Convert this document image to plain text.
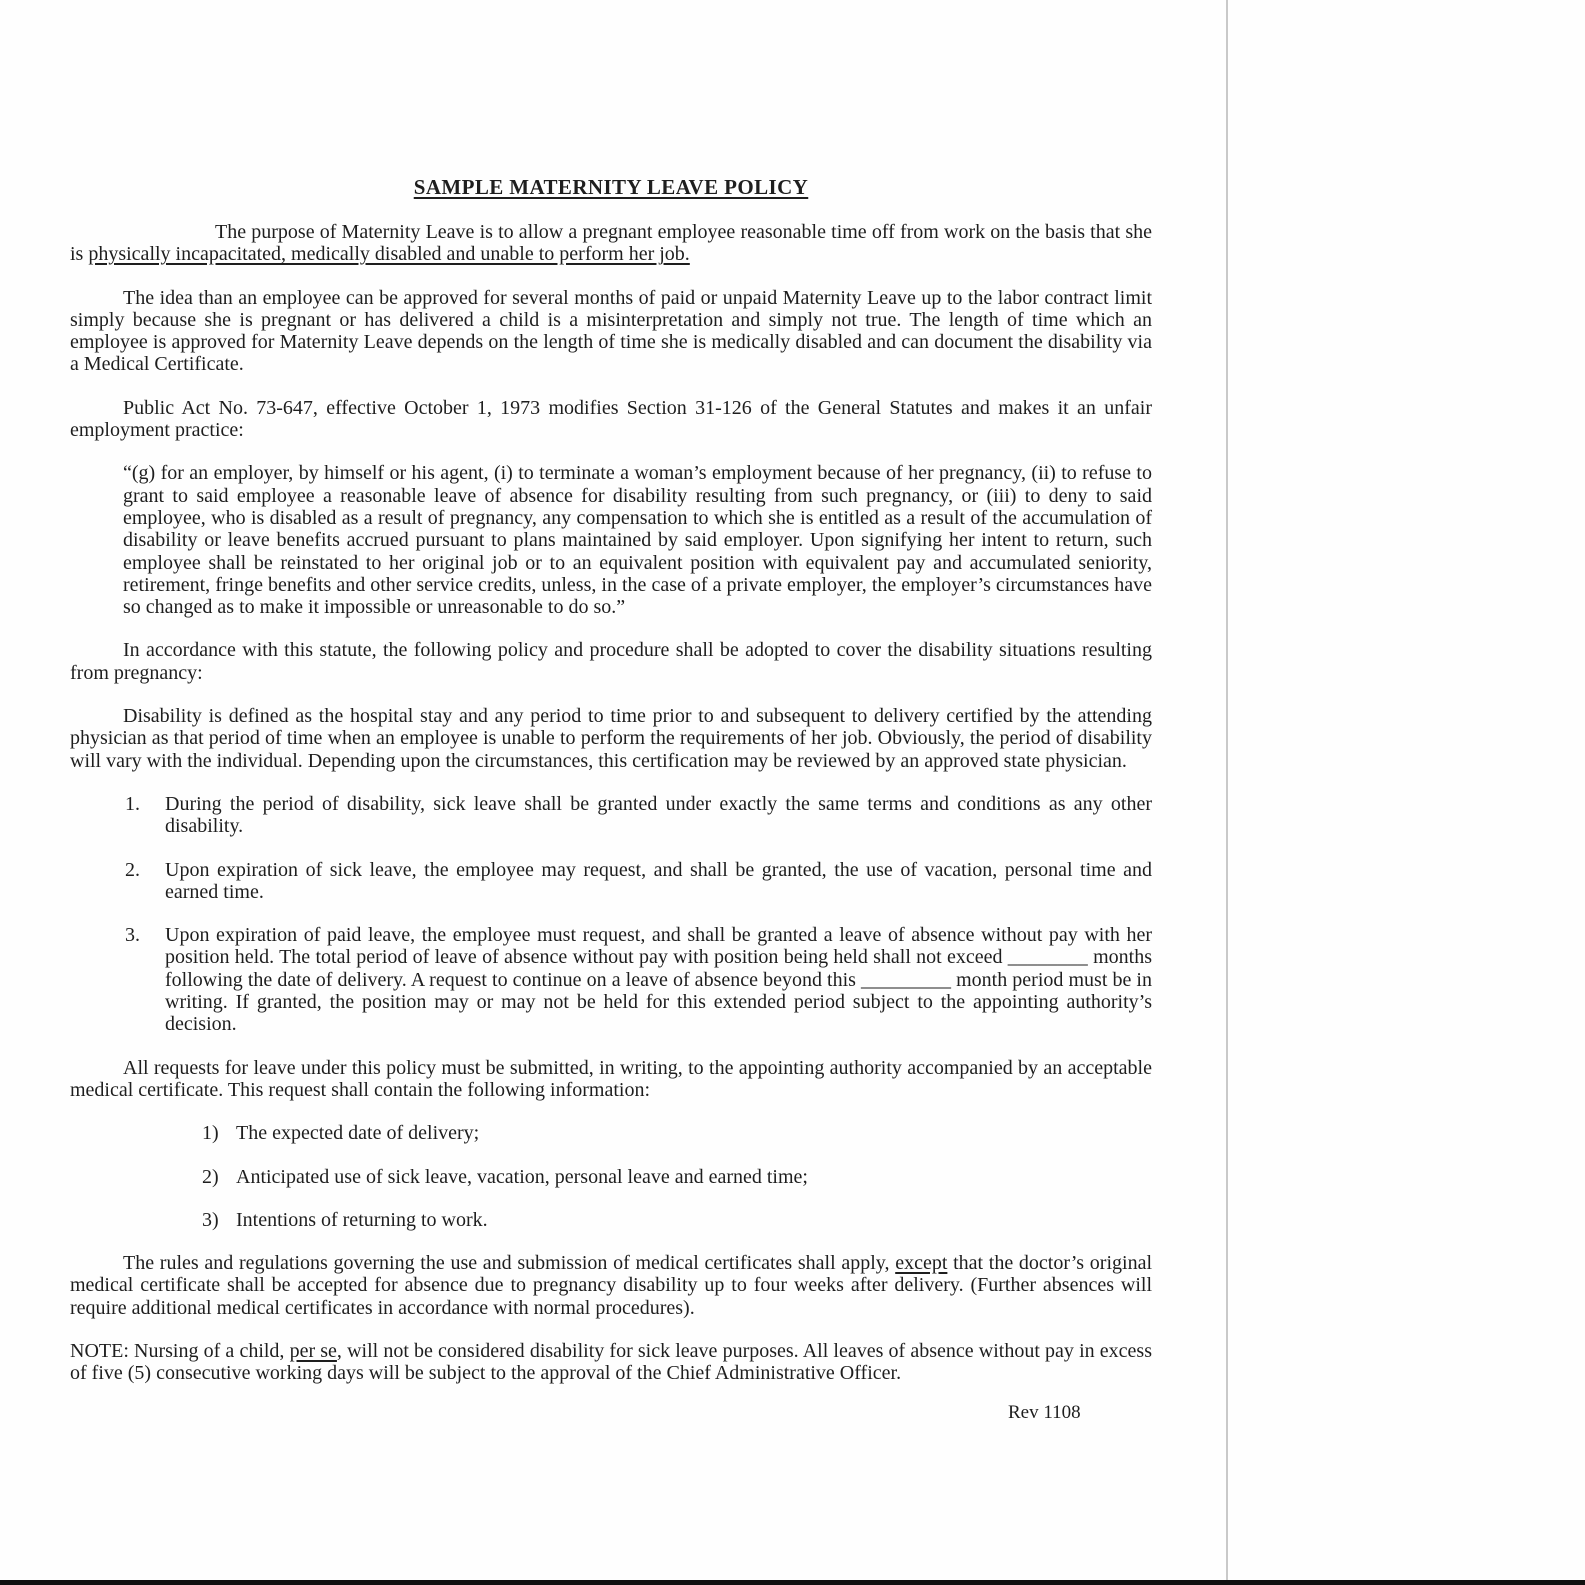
SAMPLE MATERNITY LEAVE POLICY

The purpose of Maternity Leave is to allow a pregnant employee reasonable time off from work on the basis that she is physically incapacitated, medically disabled and unable to perform her job.

The idea than an employee can be approved for several months of paid or unpaid Maternity Leave up to the labor contract limit simply because she is pregnant or has delivered a child is a misinterpretation and simply not true. The length of time which an employee is approved for Maternity Leave depends on the length of time she is medically disabled and can document the disability via a Medical Certificate.

Public Act No. 73-647, effective October 1, 1973 modifies Section 31-126 of the General Statutes and makes it an unfair employment practice:

“(g) for an employer, by himself or his agent, (i) to terminate a woman’s employment because of her pregnancy, (ii) to refuse to grant to said employee a reasonable leave of absence for disability resulting from such pregnancy, or (iii) to deny to said employee, who is disabled as a result of pregnancy, any compensation to which she is entitled as a result of the accumulation of disability or leave benefits accrued pursuant to plans maintained by said employer. Upon signifying her intent to return, such employee shall be reinstated to her original job or to an equivalent position with equivalent pay and accumulated seniority, retirement, fringe benefits and other service credits, unless, in the case of a private employer, the employer’s circumstances have so changed as to make it impossible or unreasonable to do so.”

In accordance with this statute, the following policy and procedure shall be adopted to cover the disability situations resulting from pregnancy:

Disability is defined as the hospital stay and any period to time prior to and subsequent to delivery certified by the attending physician as that period of time when an employee is unable to perform the requirements of her job. Obviously, the period of disability will vary with the individual. Depending upon the circumstances, this certification may be reviewed by an approved state physician.

1. During the period of disability, sick leave shall be granted under exactly the same terms and conditions as any other disability.
2. Upon expiration of sick leave, the employee may request, and shall be granted, the use of vacation, personal time and earned time.
3. Upon expiration of paid leave, the employee must request, and shall be granted a leave of absence without pay with her position held. The total period of leave of absence without pay with position being held shall not exceed ________ months following the date of delivery. A request to continue on a leave of absence beyond this _________ month period must be in writing. If granted, the position may or may not be held for this extended period subject to the appointing authority’s decision.

All requests for leave under this policy must be submitted, in writing, to the appointing authority accompanied by an acceptable medical certificate. This request shall contain the following information:

1) The expected date of delivery;
2) Anticipated use of sick leave, vacation, personal leave and earned time;
3) Intentions of returning to work.

The rules and regulations governing the use and submission of medical certificates shall apply, except that the doctor’s original medical certificate shall be accepted for absence due to pregnancy disability up to four weeks after delivery. (Further absences will require additional medical certificates in accordance with normal procedures).

NOTE: Nursing of a child, per se, will not be considered disability for sick leave purposes. All leaves of absence without pay in excess of five (5) consecutive working days will be subject to the approval of the Chief Administrative Officer.

Rev 1108
